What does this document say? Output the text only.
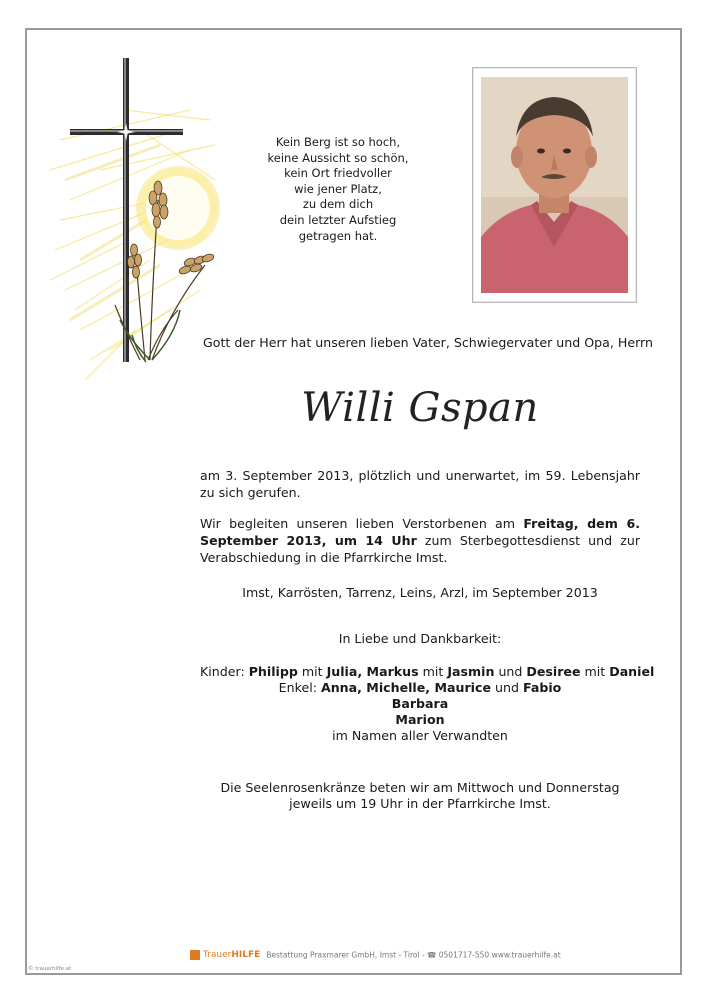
Kein Berg ist so hoch,
keine Aussicht so schön,
kein Ort friedvoller
wie jener Platz,
zu dem dich
dein letzter Aufstieg
getragen hat.
Gott der Herr hat unseren lieben Vater, Schwiegervater und Opa, Herrn
Willi Gspan
am 3. September 2013, plötzlich und unerwartet, im 59. Lebensjahr zu sich gerufen.
Wir begleiten unseren lieben Verstorbenen am Freitag, dem 6. September 2013, um 14 Uhr zum Sterbegottesdienst und zur Verabschiedung in die Pfarrkirche Imst.
Imst, Karrösten, Tarrenz, Leins, Arzl, im September 2013
In Liebe und Dankbarkeit:
Kinder: Philipp mit Julia, Markus mit Jasmin und Desiree mit Daniel
Enkel: Anna, Michelle, Maurice und Fabio
Barbara
Marion
im Namen aller Verwandten
Die Seelenrosenkränze beten wir am Mittwoch und Donnerstag
jeweils um 19 Uhr in der Pfarrkirche Imst.
TrauerHILFE Bestattung Praxmarer GmbH, Imst - Tirol - ☎ 0501717-550 www.trauerhilfe.at
© trauerhilfe.at
